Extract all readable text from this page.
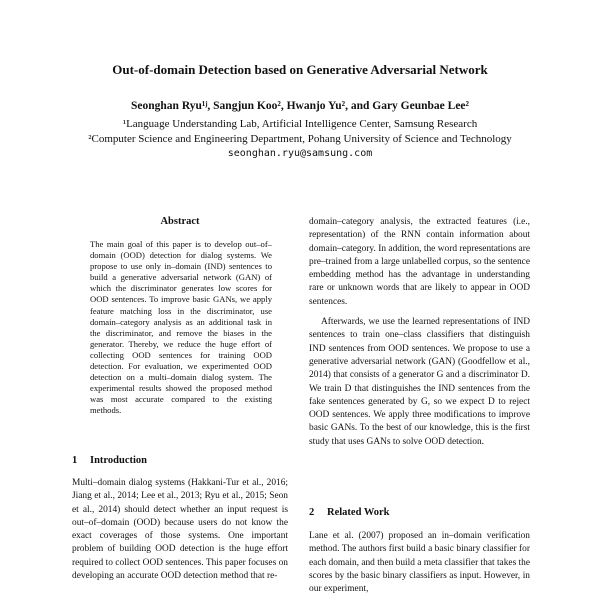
Out-of-domain Detection based on Generative Adversarial Network
Seonghan Ryu¹ʲ, Sangjun Koo², Hwanjo Yu², and Gary Geunbae Lee²
¹Language Understanding Lab, Artificial Intelligence Center, Samsung Research
²Computer Science and Engineering Department, Pohang University of Science and Technology
seonghan.ryu@samsung.com
Abstract
The main goal of this paper is to develop out–of–domain (OOD) detection for dialog systems. We propose to use only in–domain (IND) sentences to build a generative adversarial network (GAN) of which the discriminator generates low scores for OOD sentences. To improve basic GANs, we apply feature matching loss in the discriminator, use domain–category analysis as an additional task in the discriminator, and remove the biases in the generator. Thereby, we reduce the huge effort of collecting OOD sentences for training OOD detection. For evaluation, we experimented OOD detection on a multi–domain dialog system. The experimental results showed the proposed method was most accurate compared to the existing methods.
1 Introduction
Multi–domain dialog systems (Hakkani-Tur et al., 2016; Jiang et al., 2014; Lee et al., 2013; Ryu et al., 2015; Seon et al., 2014) should detect whether an input request is out–of–domain (OOD) because users do not know the exact coverages of those systems. One important problem of building OOD detection is the huge effort required to collect OOD sentences. This paper focuses on developing an accurate OOD detection method that re-

domain–category analysis, the extracted features (i.e., representation) of the RNN contain information about domain–category. In addition, the word representations are pre–trained from a large unlabelled corpus, so the sentence embedding method has the advantage in understanding rare or unknown words that are likely to appear in OOD sentences.

Afterwards, we use the learned representations of IND sentences to train one–class classifiers that distinguish IND sentences from OOD sentences. We propose to use a generative adversarial network (GAN) (Goodfellow et al., 2014) that consists of a generator G and a discriminator D. We train D that distinguishes the IND sentences from the fake sentences generated by G, so we expect D to reject OOD sentences. We apply three modifications to improve basic GANs. To the best of our knowledge, this is the first study that uses GANs to solve OOD detection.

2 Related Work
Lane et al. (2007) proposed an in–domain verification method. The authors first build a basic binary classifier for each domain, and then build a meta classifier that takes the scores by the basic binary classifiers as input. However, in our experiment,
